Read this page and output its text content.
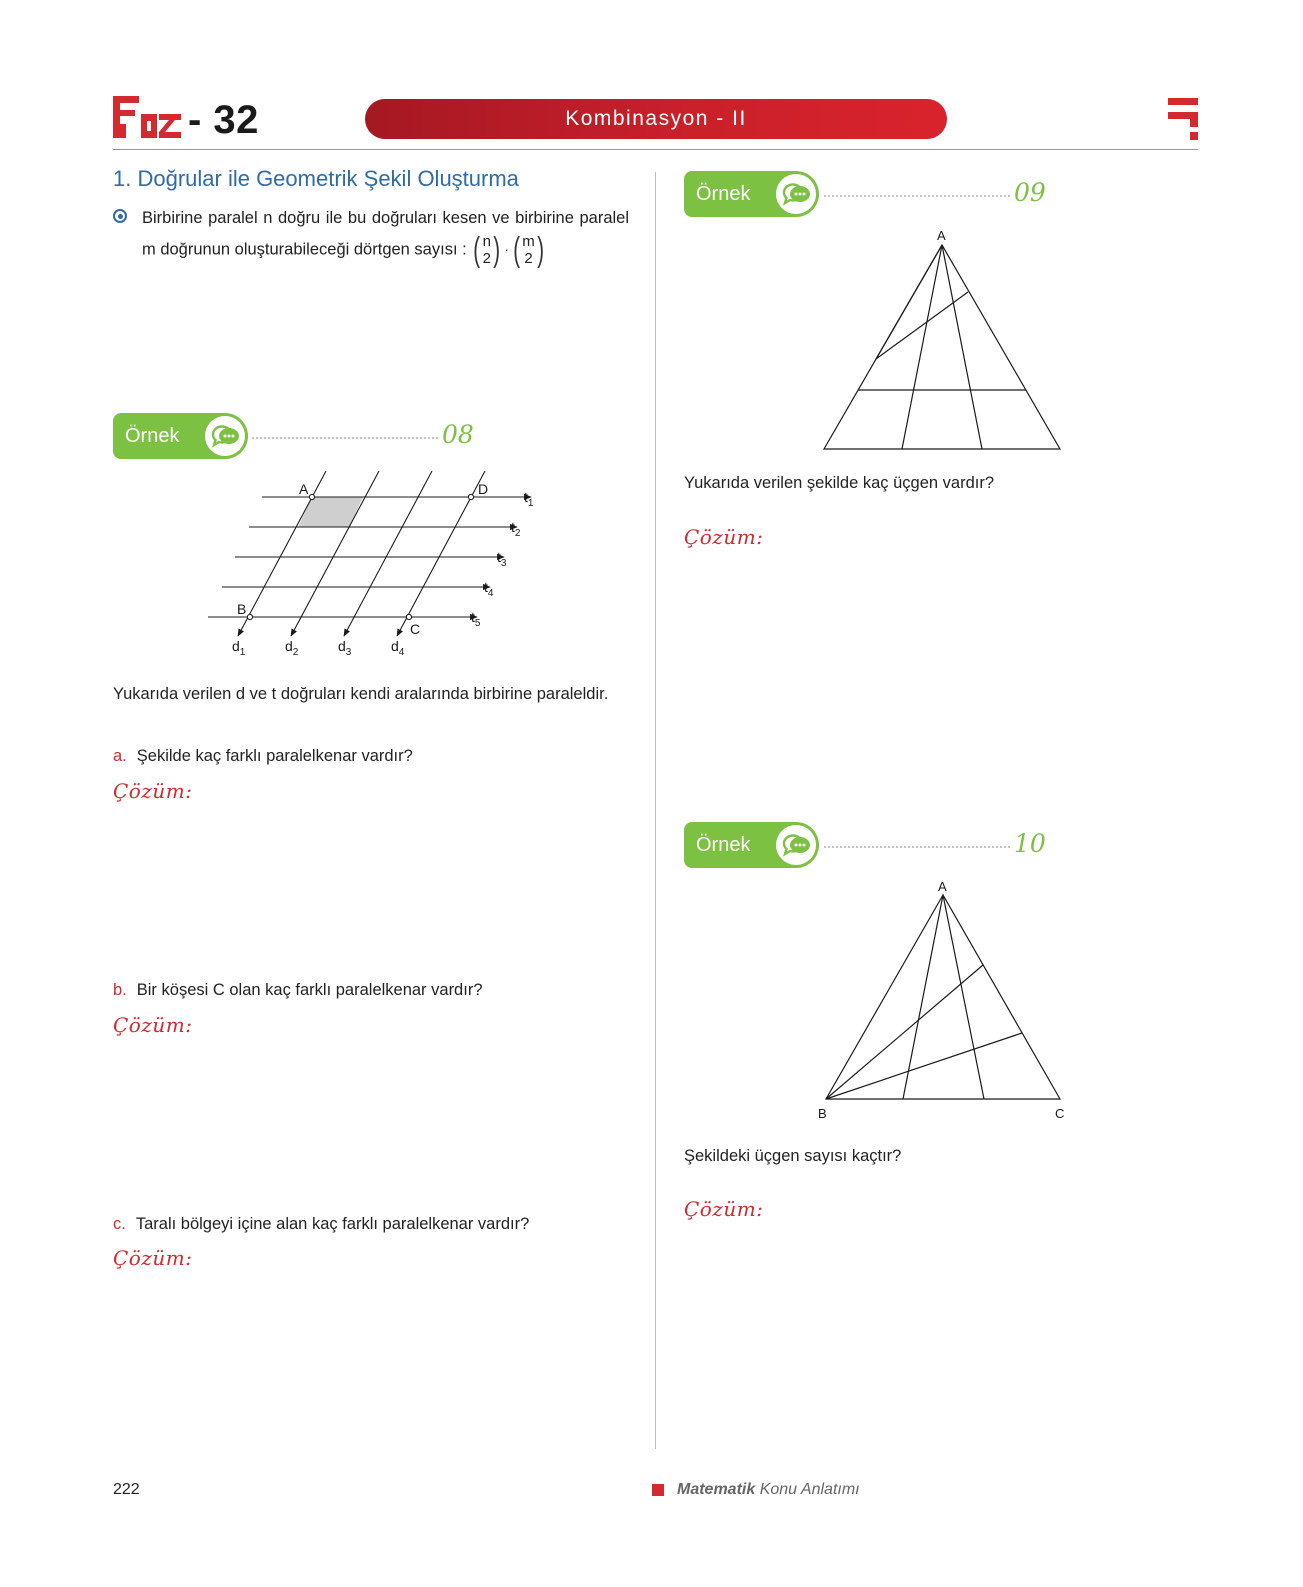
- 32	Kombinasyon - II
1. Doğrular ile Geometrik Şekil Oluşturma
Birbirine paralel n doğru ile bu doğruları kesen ve birbirine paralel m doğrunun oluşturabileceği dörtgen sayısı : ( n
2 ) · ( m
2 )
Örnek	08
A	D
B
C
$t_1$
$t_2$
$t_3$
$t_4$
$t_5$
$d_1$	$d_2$	$d_3$	$d_4$
Yukarıda verilen d ve t doğruları kendi aralarında birbirine paraleldir.
a. Şekilde kaç farklı paralelkenar vardır?
Çözüm:
b. Bir köşesi C olan kaç farklı paralelkenar vardır?
Çözüm:
c. Taralı bölgeyi içine alan kaç farklı paralelkenar vardır?
Çözüm:
Örnek	09
A
Yukarıda verilen şekilde kaç üçgen vardır?
Çözüm:
Örnek	10
A
B	C
Şekildeki üçgen sayısı kaçtır?
Çözüm:
222	Matematik Konu Anlatımı
